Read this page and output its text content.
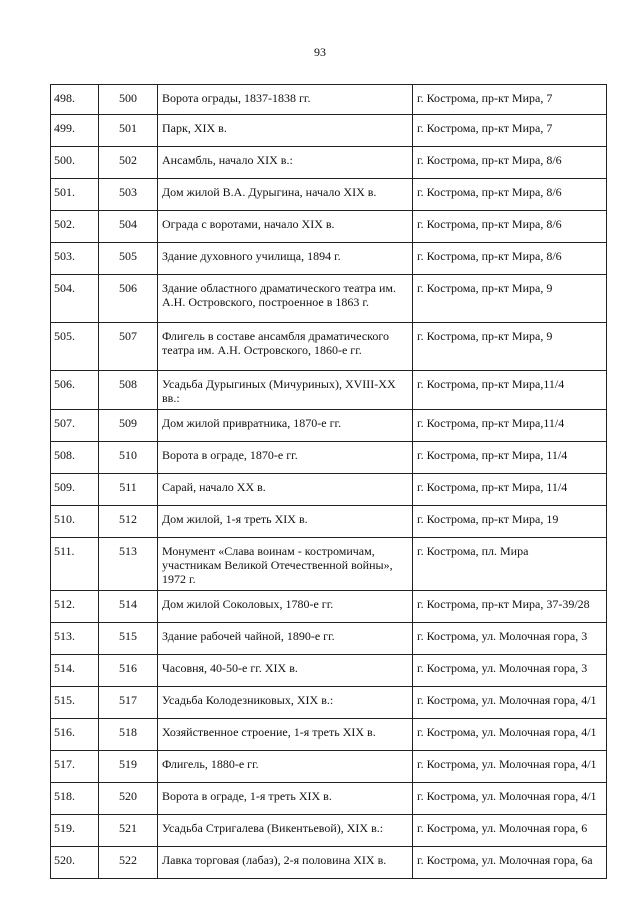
93
498.	500	Ворота ограды, 1837-1838 гг.	г. Кострома, пр-кт Мира, 7

499.	501	Парк, XIX в.	г. Кострома, пр-кт Мира, 7

500.	502	Ансамбль, начало XIX в.:	г. Кострома, пр-кт Мира, 8/6

501.	503	Дом жилой В.А. Дурыгина, начало XIX в.	г. Кострома, пр-кт Мира, 8/6

502.	504	Ограда с воротами, начало XIX в.	г. Кострома, пр-кт Мира, 8/6

503.	505	Здание духовного училища, 1894 г.	г. Кострома, пр-кт Мира, 8/6

504.	506	Здание областного драматического театра им. А.Н. Островского, построенное в 1863 г.	г. Кострома, пр-кт Мира, 9

505.	507	Флигель в составе ансамбля драматического театра им. А.Н. Островского, 1860-е гг.	г. Кострома, пр-кт Мира, 9

506.	508	Усадьба Дурыгиных (Мичуриных), XVIII-XX вв.:	г. Кострома, пр-кт Мира,11/4

507.	509	Дом жилой привратника, 1870-е гг.	г. Кострома, пр-кт Мира,11/4

508.	510	Ворота в ограде, 1870-е гг.	г. Кострома, пр-кт Мира, 11/4

509.	511	Сарай, начало XX в.	г. Кострома, пр-кт Мира, 11/4

510.	512	Дом жилой, 1-я треть XIX в.	г. Кострома, пр-кт Мира, 19

511.	513	Монумент «Слава воинам - костромичам, участникам Великой Отечественной войны», 1972 г.	г. Кострома, пл. Мира

512.	514	Дом жилой Соколовых, 1780-е гг.	г. Кострома, пр-кт Мира, 37-39/28

513.	515	Здание рабочей чайной, 1890-е гг.	г. Кострома, ул. Молочная гора, 3

514.	516	Часовня, 40-50-е гг. XIX в.	г. Кострома, ул. Молочная гора, 3

515.	517	Усадьба Колодезниковых, XIX в.:	г. Кострома, ул. Молочная гора, 4/1

516.	518	Хозяйственное строение, 1-я треть XIX в.	г. Кострома, ул. Молочная гора, 4/1

517.	519	Флигель, 1880-е гг.	г. Кострома, ул. Молочная гора, 4/1

518.	520	Ворота в ограде, 1-я треть XIX в.	г. Кострома, ул. Молочная гора, 4/1

519.	521	Усадьба Стригалева (Викентьевой), XIX в.:	г. Кострома, ул. Молочная гора, 6

520.	522	Лавка торговая (лабаз), 2-я половина XIX в.	г. Кострома, ул. Молочная гора, 6а
